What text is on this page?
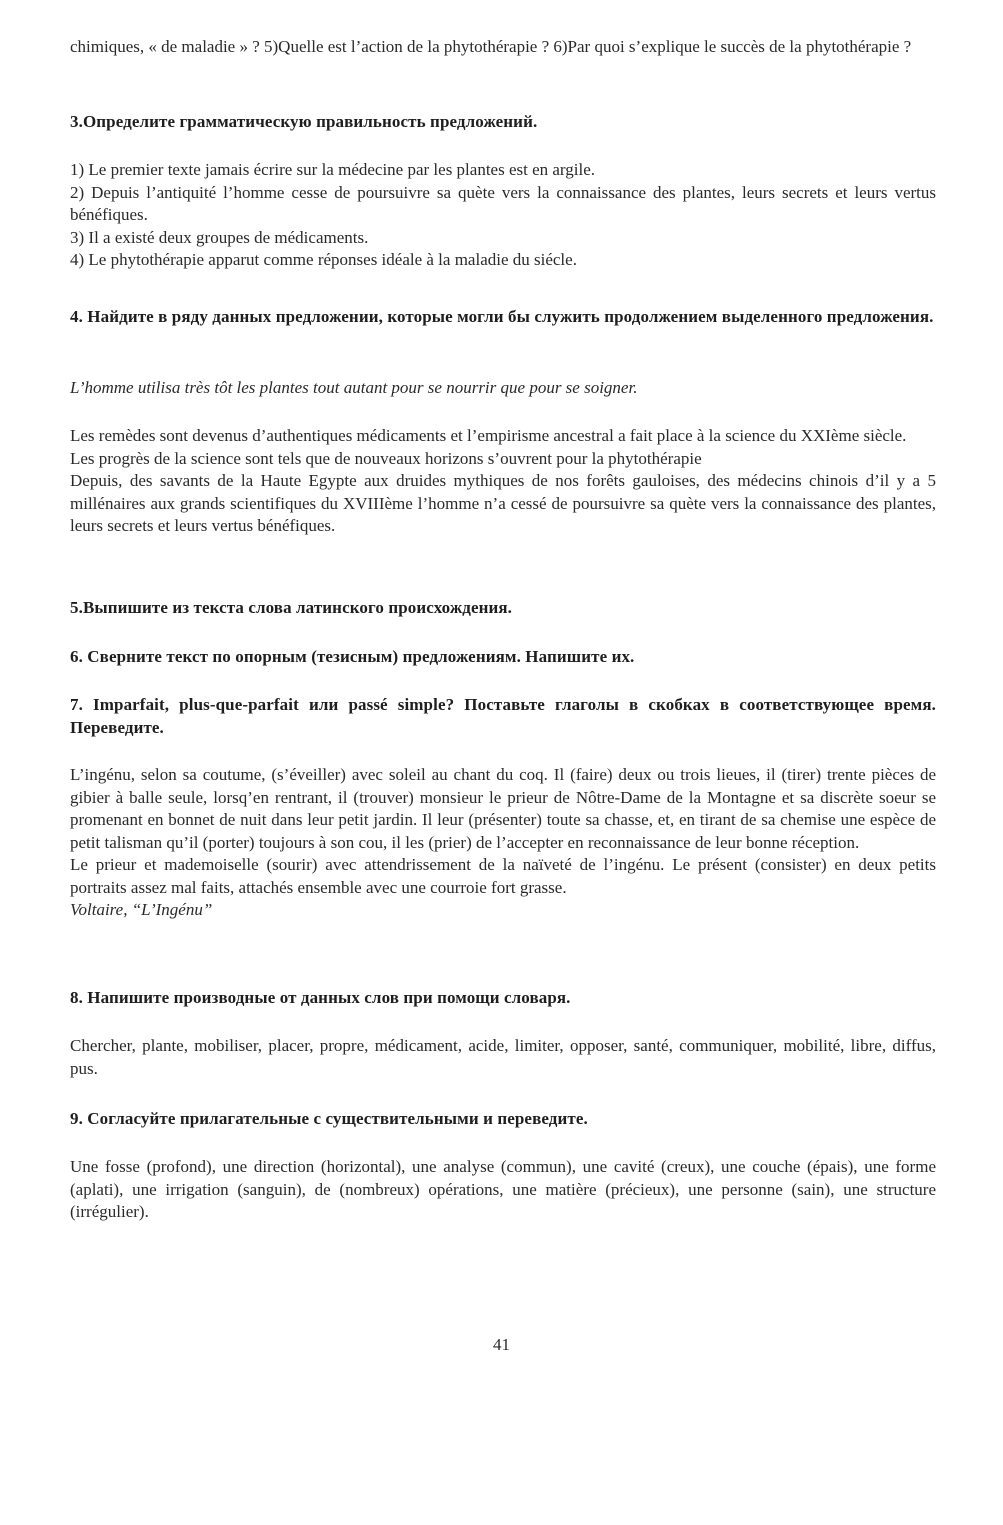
chimiques, « de maladie » ? 5)Quelle est l’action de la phytothérapie ? 6)Par quoi s’explique le succès de la phytothérapie ?

3.Определите грамматическую правильность предложений.

1) Le premier texte jamais écrire sur la médecine par les plantes est en argile.
2) Depuis l’antiquité l’homme cesse de poursuivre sa quète vers la connaissance des plantes, leurs secrets et leurs vertus bénéfiques.
3) Il a existé deux groupes de médicaments.
4) Le phytothérapie apparut comme réponses idéale à la maladie du siécle.

4. Найдите в ряду данных предложении, которые могли бы служить продолжением выделенного предложения.

L’homme utilisa très tôt les plantes tout autant pour se nourrir que pour se soigner.

Les remèdes sont devenus d’authentiques médicaments et l’empirisme ancestral a fait place à la science du XXIème siècle.
Les progrès de la science sont tels que de nouveaux horizons s’ouvrent pour la phytothérapie
Depuis, des savants de la Haute Egypte aux druides mythiques de nos forêts gauloises, des médecins chinois d’il y a 5 millénaires aux grands scientifiques du XVIIIème l’homme n’a cessé de poursuivre sa quète vers la connaissance des plantes, leurs secrets et leurs vertus bénéfiques.

5.Выпишите из текста слова латинского происхождения.

6. Сверните текст по опорным (тезисным) предложениям. Напишите их.

7. Imparfait, plus-que-parfait или passé simple? Поставьте глаголы в скобках в соответствующее время. Переведите.

L’ingénu, selon sa coutume, (s’éveiller) avec soleil au chant du coq. Il (faire) deux ou trois lieues, il (tirer) trente pièces de gibier à balle seule, lorsq’en rentrant, il (trouver) monsieur le prieur de Nôtre-Dame de la Montagne et sa discrète soeur se promenant en bonnet de nuit dans leur petit jardin. Il leur (présenter) toute sa chasse, et, en tirant de sa chemise une espèce de petit talisman qu’il (porter) toujours à son cou, il les (prier) de l’accepter en reconnaissance de leur bonne réception.
Le prieur et mademoiselle (sourir) avec attendrissement de la naïveté de l’ingénu. Le présent (consister) en deux petits portraits assez mal faits, attachés ensemble avec une courroie fort grasse.
Voltaire, “L’Ingénu”

8. Напишите производные от данных слов при помощи словаря.

Chercher, plante, mobiliser, placer, propre, médicament, acide, limiter, opposer, santé, communiquer, mobilité, libre, diffus, pus.

9. Согласуйте прилагательные с существительными и переведите.

Une fosse (profond), une direction (horizontal), une analyse (commun), une cavité (creux), une couche (épais), une forme (aplati), une irrigation (sanguin), de (nombreux) opérations, une matière (précieux), une personne (sain), une structure (irrégulier).

41
